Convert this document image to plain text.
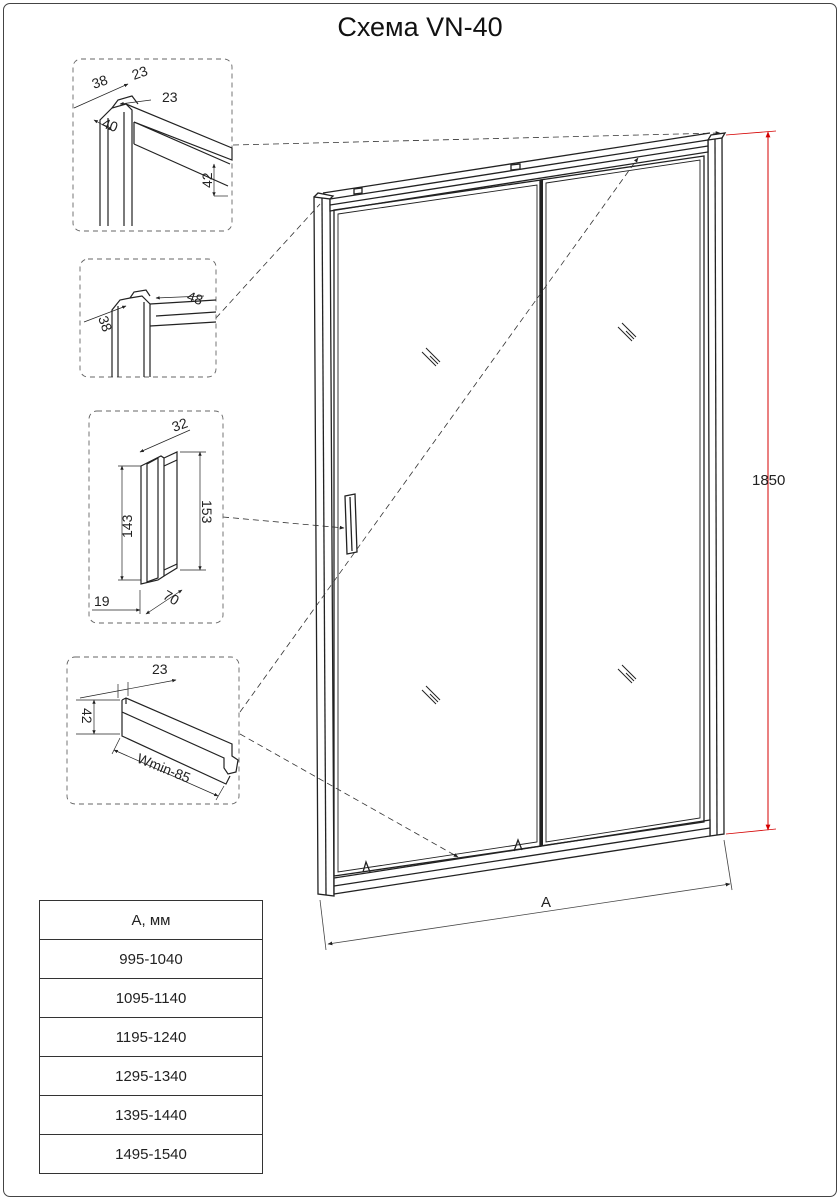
Схема VN-40
1850
A
38 23
23
40
42
48
38
32
143
153
19	70
23
42
Wmin-85
А, мм
995-1040
1095-1140
1195-1240
1295-1340
1395-1440
1495-1540
